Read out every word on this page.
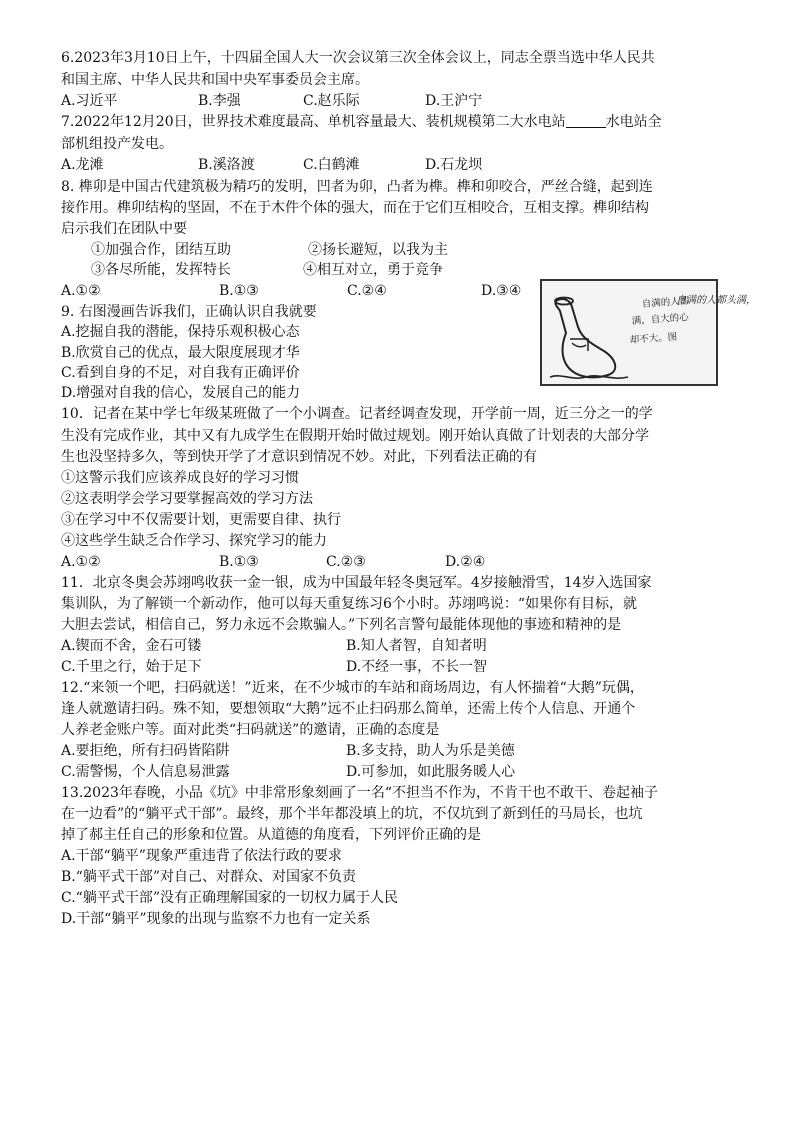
6.2023年3月10日上午，十四届全国人大一次会议第三次全体会议上，同志全票当选中华人民共
和国主席、中华人民共和国中央军事委员会主席。
A.习近平	B.李强	C.赵乐际	D.王沪宁
7.2022年12月20日，世界技术难度最高、单机容量最大、装机规模第二大水电站	水电站全
部机组投产发电。
A.龙滩	B.溪洛渡	C.白鹤滩	D.石龙坝
8. 榫卯是中国古代建筑极为精巧的发明，凹者为卯，凸者为榫。榫和卯咬合，严丝合缝，起到连
接作用。榫卯结构的坚固，不在于木件个体的强大，而在于它们互相咬合，互相支撑。榫卯结构
启示我们在团队中要
①加强合作，团结互助	②扬长避短，以我为主
③各尽所能，发挥特长	④相互对立，勇于竞争
A.①②	B.①③	C.②④	D.③④
9. 右图漫画告诉我们，正确认识自我就要
A.挖掘自我的潜能，保持乐观积极心态
B.欣赏自己的优点，最大限度展现才华
C.看到自身的不足，对自我有正确评价
D.增强对自我的信心，发展自己的能力
自满的人都头满，
自满的人都
满，自大的心
却不大。图
10．记者在某中学七年级某班做了一个小调查。记者经调查发现，开学前一周，近三分之一的学
生没有完成作业，其中又有九成学生在假期开始时做过规划。刚开始认真做了计划表的大部分学
生也没坚持多久，等到快开学了才意识到情况不妙。对此，下列看法正确的有
①这警示我们应该养成良好的学习习惯
②这表明学会学习要掌握高效的学习方法
③在学习中不仅需要计划，更需要自律、执行
④这些学生缺乏合作学习、探究学习的能力
A.①②	B.①③	C.②③	D.②④
11．北京冬奥会苏翊鸣收获一金一银，成为中国最年轻冬奥冠军。4岁接触滑雪，14岁入选国家
集训队，为了解锁一个新动作，他可以每天重复练习6个小时。苏翊鸣说：“如果你有目标，就
大胆去尝试，相信自己，努力永远不会欺骗人。”下列名言警句最能体现他的事迹和精神的是
A.锲而不舍，金石可镂	B.知人者智，自知者明
C.千里之行，始于足下	D.不经一事，不长一智
12.“来领一个吧，扫码就送！”近来，在不少城市的车站和商场周边，有人怀揣着“大鹅”玩偶，
逢人就邀请扫码。殊不知，要想领取“大鹅”远不止扫码那么简单，还需上传个人信息、开通个
人养老金账户等。面对此类“扫码就送”的邀请，正确的态度是
A.要拒绝，所有扫码皆陷阱	B.多支持，助人为乐是美德
C.需警惕，个人信息易泄露	D.可参加，如此服务暖人心
13.2023年春晚，小品《坑》中非常形象刻画了一名“不担当不作为，不肯干也不敢干、卷起袖子
在一边看”的“躺平式干部”。最终，那个半年都没填上的坑，不仅坑到了新到任的马局长，也坑
掉了郝主任自己的形象和位置。从道德的角度看，下列评价正确的是
A.干部“躺平”现象严重违背了依法行政的要求
B.“躺平式干部”对自己、对群众、对国家不负责
C.“躺平式干部”没有正确理解国家的一切权力属于人民
D.干部“躺平”现象的出现与监察不力也有一定关系
